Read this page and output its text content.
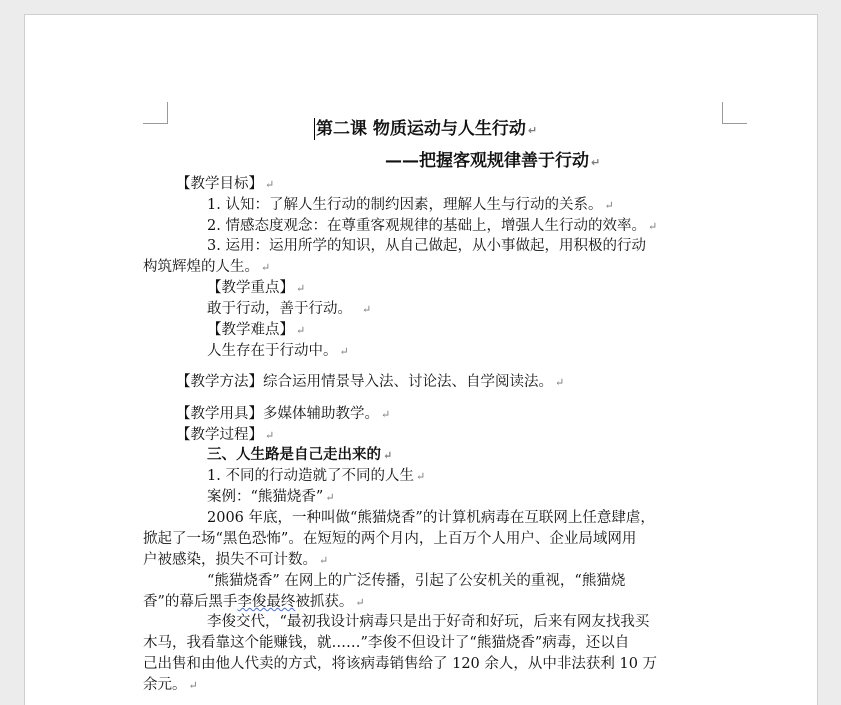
第二课 物质运动与人生行动 ↵
——把握客观规律善于行动 ↵
【教学目标】 ↵
1. 认知：了解人生行动的制约因素，理解人生与行动的关系。 ↵
2. 情感态度观念：在尊重客观规律的基础上，增强人生行动的效率。 ↵
3. 运用：运用所学的知识，从自己做起，从小事做起，用积极的行动
构筑辉煌的人生。 ↵
【教学重点】 ↵
敢于行动，善于行动。 ↵
【教学难点】 ↵
人生存在于行动中。 ↵
【教学方法】综合运用情景导入法、讨论法、自学阅读法。 ↵
【教学用具】多媒体辅助教学。 ↵
【教学过程】 ↵
三、人生路是自己走出来的 ↵
1. 不同的行动造就了不同的人生 ↵
案例：“熊猫烧香” ↵
2006 年底，一种叫做“熊猫烧香”的计算机病毒在互联网上任意肆虐，
掀起了一场“黑色恐怖”。在短短的两个月内，上百万个人用户、企业局域网用
户被感染，损失不可计数。 ↵
“熊猫烧香” 在网上的广泛传播，引起了公安机关的重视，“熊猫烧
香”的幕后黑手李俊最终被抓获。 ↵
李俊交代，“最初我设计病毒只是出于好奇和好玩，后来有网友找我买
木马，我看靠这个能赚钱，就……”李俊不但设计了“熊猫烧香”病毒，还以自
己出售和由他人代卖的方式，将该病毒销售给了 120 余人，从中非法获利 10 万
余元。 ↵
